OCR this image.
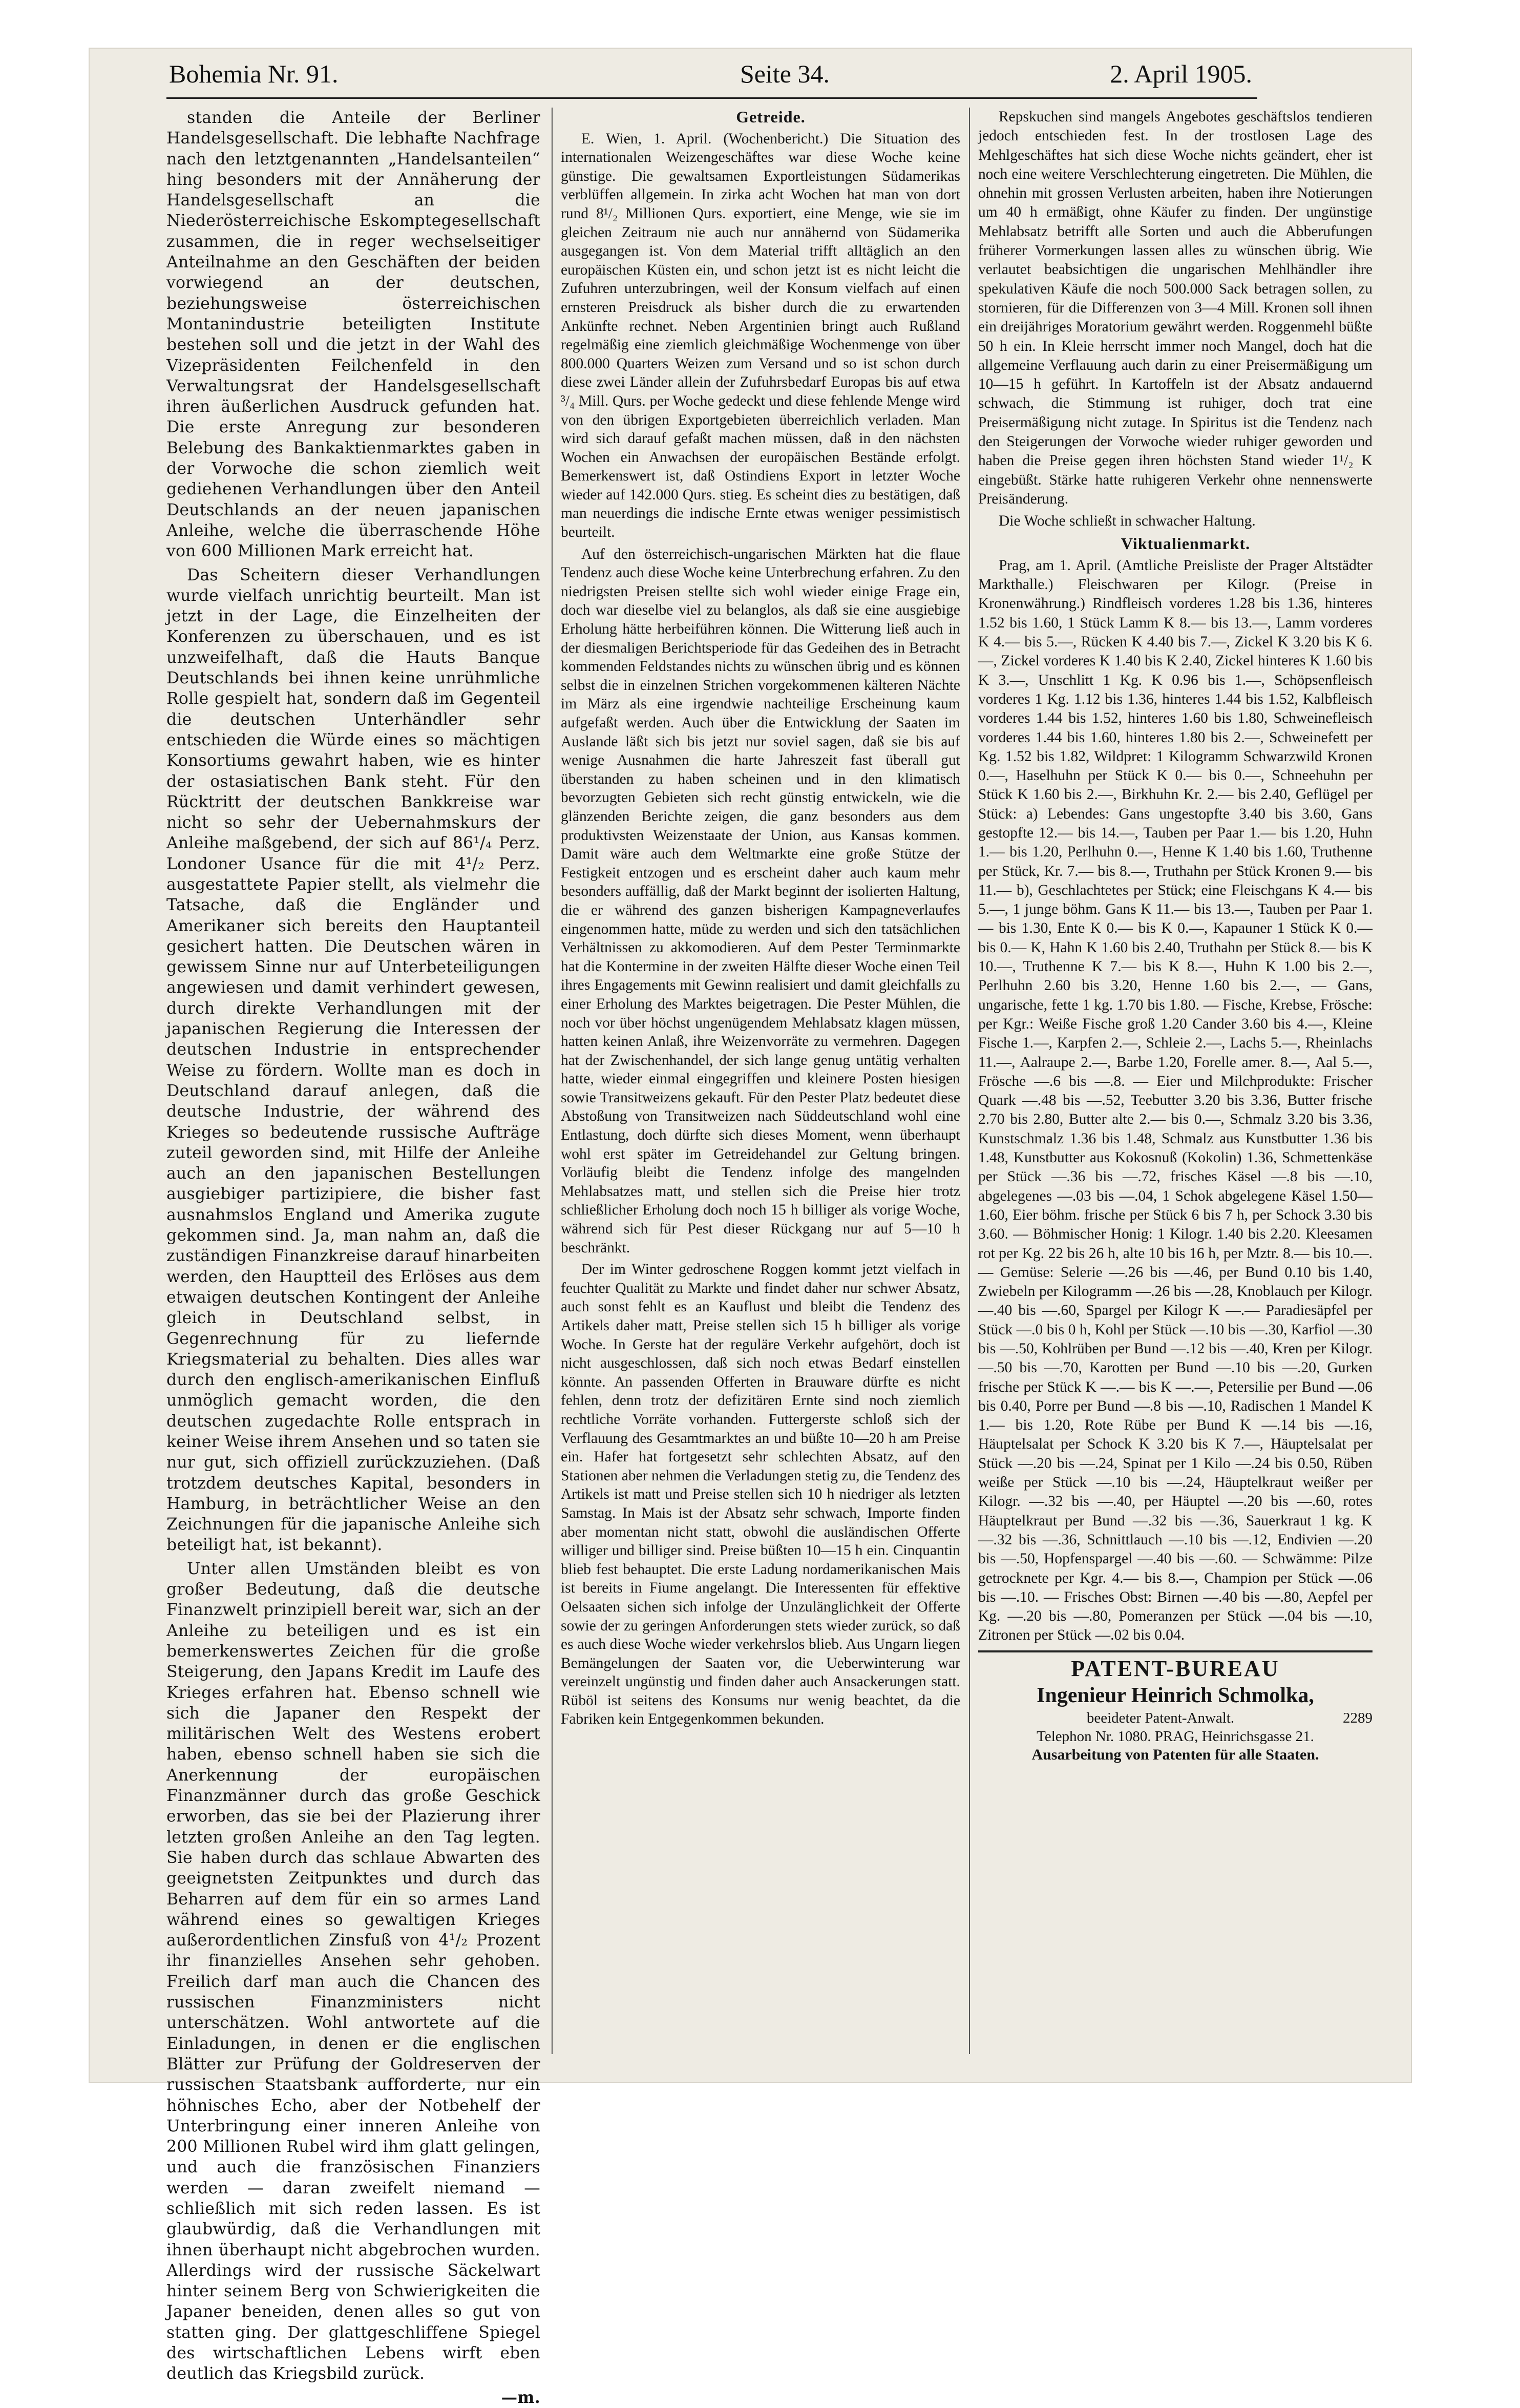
Bohemia Nr. 91.	Seite 34.	2. April 1905.

standen die Anteile der Berliner Handelsgesellschaft. Die lebhafte Nachfrage nach den letztgenannten „Handelsanteilen“ hing besonders mit der Annäherung der Handelsgesellschaft an die Niederösterreichische Eskomptegesellschaft zusammen, die in reger wechselseitiger Anteilnahme an den Geschäften der beiden vorwiegend an der deutschen, beziehungsweise österreichischen Montanindustrie beteiligten Institute bestehen soll und die jetzt in der Wahl des Vizepräsidenten Feilchenfeld in den Verwaltungsrat der Handelsgesellschaft ihren äußerlichen Ausdruck gefunden hat. Die erste Anregung zur besonderen Belebung des Bankaktienmarktes gaben in der Vorwoche die schon ziemlich weit gediehenen Verhandlungen über den Anteil Deutschlands an der neuen japanischen Anleihe, welche die überraschende Höhe von 600 Millionen Mark erreicht hat.

Das Scheitern dieser Verhandlungen wurde vielfach unrichtig beurteilt. Man ist jetzt in der Lage, die Einzelheiten der Konferenzen zu überschauen, und es ist unzweifelhaft, daß die Hauts Banque Deutschlands bei ihnen keine unrühmliche Rolle gespielt hat, sondern daß im Gegenteil die deutschen Unterhändler sehr entschieden die Würde eines so mächtigen Konsortiums gewahrt haben, wie es hinter der ostasiatischen Bank steht. Für den Rücktritt der deutschen Bankkreise war nicht so sehr der Uebernahmskurs der Anleihe maßgebend, der sich auf 86¹/₄ Perz. Londoner Usance für die mit 4¹/₂ Perz. ausgestattete Papier stellt, als vielmehr die Tatsache, daß die Engländer und Amerikaner sich bereits den Hauptanteil gesichert hatten. Die Deutschen wären in gewissem Sinne nur auf Unterbeteiligungen angewiesen und damit verhindert gewesen, durch direkte Verhandlungen mit der japanischen Regierung die Interessen der deutschen Industrie in entsprechender Weise zu fördern. Wollte man es doch in Deutschland darauf anlegen, daß die deutsche Industrie, der während des Krieges so bedeutende russische Aufträge zuteil geworden sind, mit Hilfe der Anleihe auch an den japanischen Bestellungen ausgiebiger partizipiere, die bisher fast ausnahmslos England und Amerika zugute gekommen sind. Ja, man nahm an, daß die zuständigen Finanzkreise darauf hinarbeiten werden, den Hauptteil des Erlöses aus dem etwaigen deutschen Kontingent der Anleihe gleich in Deutschland selbst, in Gegenrechnung für zu liefernde Kriegsmaterial zu behalten. Dies alles war durch den englisch-amerikanischen Einfluß unmöglich gemacht worden, die den deutschen zugedachte Rolle entsprach in keiner Weise ihrem Ansehen und so taten sie nur gut, sich offiziell zurückzuziehen. (Daß trotzdem deutsches Kapital, besonders in Hamburg, in beträchtlicher Weise an den Zeichnungen für die japanische Anleihe sich beteiligt hat, ist bekannt).

Unter allen Umständen bleibt es von großer Bedeutung, daß die deutsche Finanzwelt prinzipiell bereit war, sich an der Anleihe zu beteiligen und es ist ein bemerkenswertes Zeichen für die große Steigerung, den Japans Kredit im Laufe des Krieges erfahren hat. Ebenso schnell wie sich die Japaner den Respekt der militärischen Welt des Westens erobert haben, ebenso schnell haben sie sich die Anerkennung der europäischen Finanzmänner durch das große Geschick erworben, das sie bei der Plazierung ihrer letzten großen Anleihe an den Tag legten. Sie haben durch das schlaue Abwarten des geeignetsten Zeitpunktes und durch das Beharren auf dem für ein so armes Land während eines so gewaltigen Krieges außerordentlichen Zinsfuß von 4¹/₂ Prozent ihr finanzielles Ansehen sehr gehoben. Freilich darf man auch die Chancen des russischen Finanzministers nicht unterschätzen. Wohl antwortete auf die Einladungen, in denen er die englischen Blätter zur Prüfung der Goldreserven der russischen Staatsbank aufforderte, nur ein höhnisches Echo, aber der Notbehelf der Unterbringung einer inneren Anleihe von 200 Millionen Rubel wird ihm glatt gelingen, und auch die französischen Finanziers werden — daran zweifelt niemand — schließlich mit sich reden lassen. Es ist glaubwürdig, daß die Verhandlungen mit ihnen überhaupt nicht abgebrochen wurden. Allerdings wird der russische Säckelwart hinter seinem Berg von Schwierigkeiten die Japaner beneiden, denen alles so gut von statten ging. Der glattgeschliffene Spiegel des wirtschaftlichen Lebens wirft eben deutlich das Kriegsbild zurück.

—m.

Getreide.

E. Wien, 1. April. (Wochenbericht.) Die Situation des internationalen Weizengeschäftes war diese Woche keine günstige. Die gewaltsamen Exportleistungen Südamerikas verblüffen allgemein. In zirka acht Wochen hat man von dort rund 8¹/₂ Millionen Qurs. exportiert, eine Menge, wie sie im gleichen Zeitraum nie auch nur annähernd von Südamerika ausgegangen ist. Von dem Material trifft alltäglich an den europäischen Küsten ein, und schon jetzt ist es nicht leicht die Zufuhren unterzubringen, weil der Konsum vielfach auf einen ernsteren Preisdruck als bisher durch die zu erwartenden Ankünfte rechnet. Neben Argentinien bringt auch Rußland regelmäßig eine ziemlich gleichmäßige Wochenmenge von über 800.000 Quarters Weizen zum Versand und so ist schon durch diese zwei Länder allein der Zufuhrsbedarf Europas bis auf etwa ³/₄ Mill. Qurs. per Woche gedeckt und diese fehlende Menge wird von den übrigen Exportgebieten überreichlich verladen. Man wird sich darauf gefaßt machen müssen, daß in den nächsten Wochen ein Anwachsen der europäischen Bestände erfolgt. Bemerkenswert ist, daß Ostindiens Export in letzter Woche wieder auf 142.000 Qurs. stieg. Es scheint dies zu bestätigen, daß man neuerdings die indische Ernte etwas weniger pessimistisch beurteilt.

Auf den österreichisch-ungarischen Märkten hat die flaue Tendenz auch diese Woche keine Unterbrechung erfahren. Zu den niedrigsten Preisen stellte sich wohl wieder einige Frage ein, doch war dieselbe viel zu belanglos, als daß sie eine ausgiebige Erholung hätte herbeiführen können. Die Witterung ließ auch in der diesmaligen Berichtsperiode für das Gedeihen des in Betracht kommenden Feldstandes nichts zu wünschen übrig und es können selbst die in einzelnen Strichen vorgekommenen kälteren Nächte im März als eine irgendwie nachteilige Erscheinung kaum aufgefaßt werden. Auch über die Entwicklung der Saaten im Auslande läßt sich bis jetzt nur soviel sagen, daß sie bis auf wenige Ausnahmen die harte Jahreszeit fast überall gut überstanden zu haben scheinen und in den klimatisch bevorzugten Gebieten sich recht günstig entwickeln, wie die glänzenden Berichte zeigen, die ganz besonders aus dem produktivsten Weizenstaate der Union, aus Kansas kommen. Damit wäre auch dem Weltmarkte eine große Stütze der Festigkeit entzogen und es erscheint daher auch kaum mehr besonders auffällig, daß der Markt beginnt der isolierten Haltung, die er während des ganzen bisherigen Kampagneverlaufes eingenommen hatte, müde zu werden und sich den tatsächlichen Verhältnissen zu akkomodieren. Auf dem Pester Terminmarkte hat die Konterminе in der zweiten Hälfte dieser Woche einen Teil ihres Engagements mit Gewinn realisiert und damit gleichfalls zu einer Erholung des Marktes beigetragen. Die Pester Mühlen, die noch vor über höchst ungenügendem Mehlabsatz klagen müssen, hatten keinen Anlaß, ihre Weizenvorräte zu vermehren. Dagegen hat der Zwischenhandel, der sich lange genug untätig verhalten hatte, wieder einmal eingegriffen und kleinere Posten hiesigen sowie Transitweizens gekauft. Für den Pester Platz bedeutet diese Abstoßung von Transitweizen nach Süddeutschland wohl eine Entlastung, doch dürfte sich dieses Moment, wenn überhaupt wohl erst später im Getreidehandel zur Geltung bringen. Vorläufig bleibt die Tendenz infolge des mangelnden Mehlabsatzes matt, und stellen sich die Preise hier trotz schließlicher Erholung doch noch 15 h billiger als vorige Woche, während sich für Pest dieser Rückgang nur auf 5—10 h beschränkt.

Der im Winter gedroschene Roggen kommt jetzt vielfach in feuchter Qualität zu Markte und findet daher nur schwer Absatz, auch sonst fehlt es an Kauflust und bleibt die Tendenz des Artikels daher matt, Preise stellen sich 15 h billiger als vorige Woche. In Gerste hat der reguläre Verkehr aufgehört, doch ist nicht ausgeschlossen, daß sich noch etwas Bedarf einstellen könnte. An passenden Offerten in Brauware dürfte es nicht fehlen, denn trotz der defizitären Ernte sind noch ziemlich rechtliche Vorräte vorhanden. Futtergerste schloß sich der Verflauung des Gesamtmarktes an und büßte 10—20 h am Preise ein. Hafer hat fortgesetzt sehr schlechten Absatz, auf den Stationen aber nehmen die Verladungen stetig zu, die Tendenz des Artikels ist matt und Preise stellen sich 10 h niedriger als letzten Samstag. In Mais ist der Absatz sehr schwach, Importe finden aber momentan nicht statt, obwohl die ausländischen Offerte williger und billiger sind. Preise büßten 10—15 h ein. Cinquantin blieb fest behauptet. Die erste Ladung nordamerikanischen Mais ist bereits in Fiume angelangt. Die Interessenten für effektive Oelsaaten sichen sich infolge der Unzulänglichkeit der Offerte sowie der zu geringen Anforderungen stets wieder zurück, so daß es auch diese Woche wieder verkehrslos blieb. Aus Ungarn liegen Bemängelungen der Saaten vor, die Ueberwinterung war vereinzelt ungünstig und finden daher auch Ansackerungen statt. Rüböl ist seitens des Konsums nur wenig beachtet, da die Fabriken kein Entgegenkommen bekunden.

Repskuchen sind mangels Angebotes geschäftslos tendieren jedoch entschieden fest. In der trostlosen Lage des Mehlgeschäftes hat sich diese Woche nichts geändert, eher ist noch eine weitere Verschlechterung eingetreten. Die Mühlen, die ohnehin mit grossen Verlusten arbeiten, haben ihre Notierungen um 40 h ermäßigt, ohne Käufer zu finden. Der ungünstige Mehlabsatz betrifft alle Sorten und auch die Abberufungen früherer Vormerkungen lassen alles zu wünschen übrig. Wie verlautet beabsichtigen die ungarischen Mehlhändler ihre spekulativen Käufe die noch 500.000 Sack betragen sollen, zu stornieren, für die Differenzen von 3—4 Mill. Kronen soll ihnen ein dreijähriges Moratorium gewährt werden. Roggenmehl büßte 50 h ein. In Kleie herrscht immer noch Mangel, doch hat die allgemeine Verflauung auch darin zu einer Preisermäßigung um 10—15 h geführt. In Kartoffeln ist der Absatz andauernd schwach, die Stimmung ist ruhiger, doch trat eine Preisermäßigung nicht zutage. In Spiritus ist die Tendenz nach den Steigerungen der Vorwoche wieder ruhiger geworden und haben die Preise gegen ihren höchsten Stand wieder 1¹/₂ K eingebüßt. Stärke hatte ruhigeren Verkehr ohne nennenswerte Preisänderung.

Die Woche schließt in schwacher Haltung.

Viktualienmarkt.

Prag, am 1. April. (Amtliche Preisliste der Prager Altstädter Markthalle.) Fleischwaren per Kilogr. (Preise in Kronenwährung.) Rindfleisch vorderes 1.28 bis 1.36, hinteres 1.52 bis 1.60, 1 Stück Lamm K 8.— bis 13.—, Lamm vorderes K 4.— bis 5.—, Rücken K 4.40 bis 7.—, Zickel K 3.20 bis K 6.—, Zickel vorderes K 1.40 bis K 2.40, Zickel hinteres K 1.60 bis K 3.—, Unschlitt 1 Kg. K 0.96 bis 1.—, Schöpsenfleisch vorderes 1 Kg. 1.12 bis 1.36, hinteres 1.44 bis 1.52, Kalbfleisch vorderes 1.44 bis 1.52, hinteres 1.60 bis 1.80, Schweinefleisch vorderes 1.44 bis 1.60, hinteres 1.80 bis 2.—, Schweinefett per Kg. 1.52 bis 1.82, Wildpret: 1 Kilogramm Schwarzwild Kronen 0.—, Haselhuhn per Stück K 0.— bis 0.—, Schneehuhn per Stück K 1.60 bis 2.—, Birkhuhn Kr. 2.— bis 2.40, Geflügel per Stück: a) Lebendes: Gans ungestopfte 3.40 bis 3.60, Gans gestopfte 12.— bis 14.—, Tauben per Paar 1.— bis 1.20, Huhn 1.— bis 1.20, Perlhuhn 0.—, Henne K 1.40 bis 1.60, Truthenne per Stück, Kr. 7.— bis 8.—, Truthahn per Stück Kronen 9.— bis 11.— b), Geschlachtetes per Stück; eine Fleischgans K 4.— bis 5.—, 1 junge böhm. Gans K 11.— bis 13.—, Tauben per Paar 1.— bis 1.30, Ente K 0.— bis K 0.—, Kapauner 1 Stück K 0.— bis 0.— K, Hahn K 1.60 bis 2.40, Truthahn per Stück 8.— bis K 10.—, Truthenne K 7.— bis K 8.—, Huhn K 1.00 bis 2.—, Perlhuhn 2.60 bis 3.20, Henne 1.60 bis 2.—, — Gans, ungarische, fette 1 kg. 1.70 bis 1.80. — Fische, Krebse, Frösche: per Kgr.: Weiße Fische groß 1.20 Cander 3.60 bis 4.—, Kleine Fische 1.—, Karpfen 2.—, Schleie 2.—, Lachs 5.—, Rheinlachs 11.—, Aalraupe 2.—, Barbe 1.20, Forelle amer. 8.—, Aal 5.—, Frösche —.6 bis —.8. — Eier und Milchprodukte: Frischer Quark —.48 bis —.52, Teebutter 3.20 bis 3.36, Butter frische 2.70 bis 2.80, Butter alte 2.— bis 0.—, Schmalz 3.20 bis 3.36, Kunstschmalz 1.36 bis 1.48, Schmalz aus Kunstbutter 1.36 bis 1.48, Kunstbutter aus Kokosnuß (Kokolin) 1.36, Schmettenkäse per Stück —.36 bis —.72, frisches Käsel —.8 bis —.10, abgelegenes —.03 bis —.04, 1 Schok abgelegene Käsel 1.50—1.60, Eier böhm. frische per Stück 6 bis 7 h, per Schock 3.30 bis 3.60. — Böhmischer Honig: 1 Kilogr. 1.40 bis 2.20. Kleesamen rot per Kg. 22 bis 26 h, alte 10 bis 16 h, per Mztr. 8.— bis 10.—. — Gemüse: Selerie —.26 bis —.46, per Bund 0.10 bis 1.40, Zwiebeln per Kilogramm —.26 bis —.28, Knoblauch per Kilogr. —.40 bis —.60, Spargel per Kilogr K —.— Paradiesäpfel per Stück —.0 bis 0 h, Kohl per Stück —.10 bis —.30, Karfiol —.30 bis —.50, Kohlrüben per Bund —.12 bis —.40, Kren per Kilogr. —.50 bis —.70, Karotten per Bund —.10 bis —.20, Gurken frische per Stück K —.— bis K —.—, Petersilie per Bund —.06 bis 0.40, Porre per Bund —.8 bis —.10, Radischen 1 Mandel K 1.— bis 1.20, Rote Rübe per Bund K —.14 bis —.16, Häuptelsalat per Schock K 3.20 bis K 7.—, Häuptelsalat per Stück —.20 bis —.24, Spinat per 1 Kilo —.24 bis 0.50, Rüben weiße per Stück —.10 bis —.24, Häuptelkraut weißer per Kilogr. —.32 bis —.40, per Häuptel —.20 bis —.60, rotes Häuptelkraut per Bund —.32 bis —.36, Sauerkraut 1 kg. K —.32 bis —.36, Schnittlauch —.10 bis —.12, Endivien —.20 bis —.50, Hopfenspargel —.40 bis —.60. — Schwämme: Pilze getrocknete per Kgr. 4.— bis 8.—, Champion per Stück —.06 bis —.10. — Frisches Obst: Birnen —.40 bis —.80, Aepfel per Kg. —.20 bis —.80, Pomeranzen per Stück —.04 bis —.10, Zitronen per Stück —.02 bis 0.04.

PATENT-BUREAU
Ingenieur Heinrich Schmolka,
2289
beeideter Patent-Anwalt.
Telephon Nr. 1080. PRAG, Heinrichsgasse 21.
Ausarbeitung von Patenten für alle Staaten.
